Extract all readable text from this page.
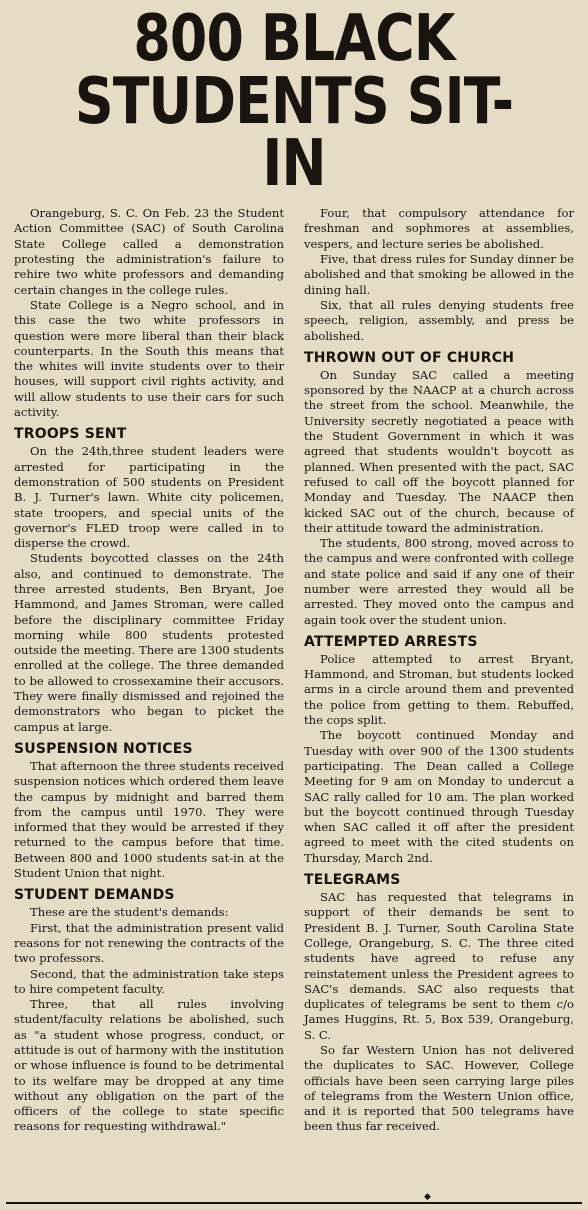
800 BLACK
STUDENTS SIT-IN

Orangeburg, S. C. On Feb. 23 the Student Action Committee (SAC) of South Carolina State College called a demonstration protesting the administration's failure to rehire two white professors and demanding certain changes in the college rules.

State College is a Negro school, and in this case the two white professors in question were more liberal than their black counterparts. In the South this means that the whites will invite students over to their houses, will support civil rights activity, and will allow students to use their cars for such activity.

TROOPS SENT

On the 24th,three student leaders were arrested for participating in the demonstration of 500 students on President B. J. Turner's lawn. White city policemen, state troopers, and special units of the governor's FLED troop were called in to disperse the crowd.

Students boycotted classes on the 24th also, and continued to demonstrate. The three arrested students, Ben Bryant, Joe Hammond, and James Stroman, were called before the disciplinary committee Friday morning while 800 students protested outside the meeting. There are 1300 students enrolled at the college. The three demanded to be allowed to crossexamine their accusors. They were finally dismissed and rejoined the demonstrators who began to picket the campus at large.

SUSPENSION NOTICES

That afternoon the three students received suspension notices which ordered them leave the campus by midnight and barred them from the campus until 1970. They were informed that they would be arrested if they returned to the campus before that time. Between 800 and 1000 students sat-in at the Student Union that night.

STUDENT DEMANDS

These are the student's demands:

First, that the administration present valid reasons for not renewing the contracts of the two professors.

Second, that the administration take steps to hire competent faculty.

Three, that all rules involving student/faculty relations be abolished, such as "a student whose progress, conduct, or attitude is out of harmony with the institution or whose influence is found to be detrimental to its welfare may be dropped at any time without any obligation on the part of the officers of the college to state specific reasons for requesting withdrawal."

Four, that compulsory attendance for freshman and sophmores at assemblies, vespers, and lecture series be abolished.

Five, that dress rules for Sunday dinner be abolished and that smoking be allowed in the dining hall.

Six, that all rules denying students free speech, religion, assembly, and press be abolished.

THROWN OUT OF CHURCH

On Sunday SAC called a meeting sponsored by the NAACP at a church across the street from the school. Meanwhile, the University secretly negotiated a peace with the Student Government in which it was agreed that students wouldn't boycott as planned. When presented with the pact, SAC refused to call off the boycott planned for Monday and Tuesday. The NAACP then kicked SAC out of the church, because of their attitude toward the administration.

The students, 800 strong, moved across to the campus and were confronted with college and state police and said if any one of their number were arrested they would all be arrested. They moved onto the campus and again took over the student union.

ATTEMPTED ARRESTS

Police attempted to arrest Bryant, Hammond, and Stroman, but students locked arms in a circle around them and prevented the police from getting to them. Rebuffed, the cops split.

The boycott continued Monday and Tuesday with over 900 of the 1300 students participating. The Dean called a College Meeting for 9 am on Monday to undercut a SAC rally called for 10 am. The plan worked but the boycott continued through Tuesday when SAC called it off after the president agreed to meet with the cited students on Thursday, March 2nd.

TELEGRAMS

SAC has requested that telegrams in support of their demands be sent to President B. J. Turner, South Carolina State College, Orangeburg, S. C. The three cited students have agreed to refuse any reinstatement unless the President agrees to SAC's demands. SAC also requests that duplicates of telegrams be sent to them c/o James Huggins, Rt. 5, Box 539, Orangeburg, S. C.

So far Western Union has not delivered the duplicates to SAC. However, College officials have been seen carrying large piles of telegrams from the Western Union office, and it is reported that 500 telegrams have been thus far received.

◆
